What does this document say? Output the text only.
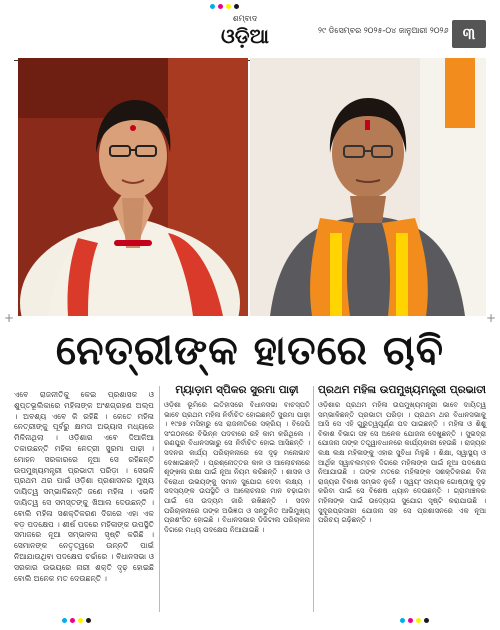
ଶମ୍ବାଦ
ଓଡ଼ିଆ	୨୯ ଡିସେମ୍ବର ୨୦୨୫-୦୪ ଜାନୁଆରୀ ୨୦୨୬ ୩
+	+
ନେତ୍ରୀଙ୍କ ହାତରେ ଚାବି

ଏବେ ରାଜନୀତିକୁ କେଇ ପ୍ରଶାସକ ଓ ଶୁପ୍ତଭୂଲିକାରେ ମହିଳାଙ୍କ ଅଂଶଗ୍ରହଣ ଅଲ୍ପ । ଅବଶ୍ୟ ଏବେ କି ରହିଛି । କେତେ ମହିଳା ନେତ୍ରୀଙ୍କୁ ପୂର୍ବରୁ କ୍ଷମତା ଅଭ୍ୟାସ ମଧ୍ୟରେ ମିଳିନାଥିଲା । ଓଡ଼ିଶାର ଏବେ ଦିଆଳିଆ ତକାଉଛନ୍ତି ମହିଳା ନେତ୍ରୀ ସୁରମା ପାଢ଼ୀ । ମୋହନ ସରକାରରେ ନୂଆ ସେ ରହିଛନ୍ତି ଉପମୁଖ୍ୟମନ୍ତ୍ରୀ ପ୍ରଭାତୀ ପରିଡ଼ା । ସେଭଳି ପ୍ରଥମ ଥର ପାଇଁ ଓଡ଼ିଶା ପ୍ରଶାସନର ମୁଖ୍ୟ ଦାୟିତ୍ୱ ସମ୍ଭାଳିଛନ୍ତି ଜଣେ ମହିଳା । ଏଭଳି ଦାୟିତ୍ୱ ସେ ସମସ୍ତଙ୍କୁ ଖିଆଲ ଦେଉଛନ୍ତି । ବୋଲି ମହିଳା ସଶକ୍ତିକରଣ ଦିଗରେ ଏହା ଏକ ବଡ଼ ପଦକ୍ଷେପ । ଶୀର୍ଷ ପଦରେ ମହିଳାଙ୍କ ଉପସ୍ଥିତି ସମାଜରେ ନୂଆ ସମ୍ଭାବନା ସୃଷ୍ଟି କରିଛି । ସେମାନଙ୍କ ନେତୃତ୍ୱରେ ଉନ୍ନତି ପାଇଁ ନିଆଯାଉଥିବା ପଦକ୍ଷେପ ଚର୍ଚ୍ଚାରେ । ବିଧାନସଭା ଓ ସରକାର ଉଭୟରେ ନାରୀ ଶକ୍ତି ଦୃଢ଼ ହୋଇଛି ବୋଲି ଅନେକ ମତ ଦେଉଛନ୍ତି ।

ମ୍ୟାଡ଼ାମ ସ୍ପିକର ସୁରମା ପାଢ଼ୀ

ଓଡ଼ିଶା ଭୂମିରେ ଇତିହାସରେ ବିଧାନସଭା ବାଚସ୍ପତି ଭାବେ ପ୍ରଥମ ମହିଳା ନିର୍ବାଚିତ ହୋଇଛନ୍ତି ସୁରମା ପାଢ଼ୀ । ୧୯୭୭ ମସିହାରୁ ସେ ରାଜନୀତିରେ ସକ୍ରିୟ । ବିଜେପି ସଂଗଠନରେ ବିଭିନ୍ନ ପଦବୀରେ ରହି କାମ କରିଥିଲେ । ରଣପୁର ବିଧାନସଭାରୁ ସେ ନିର୍ବାଚିତ ହୋଇ ଆସିଛନ୍ତି । ସଦନର କାର୍ଯ୍ୟ ପରିଚାଳନାରେ ସେ ଦୃଢ଼ ମନୋଭାବ ଦେଖାଇଛନ୍ତି । ପ୍ରଶ୍ନୋତ୍ତର କାଳ ଓ ଆଲୋଚନାରେ ଶୃଙ୍ଖଳା ରକ୍ଷା ପାଇଁ ନୂଆ ନିୟମ କରିଛନ୍ତି । ଶାସକ ଓ ବିରୋଧୀ ଉଭୟଙ୍କୁ ସମାନ ସୁଯୋଗ ଦେବା ଲକ୍ଷ୍ୟ । ସଦସ୍ୟଙ୍କ ଉପସ୍ଥିତି ଓ ଆଲୋଚନାର ମାନ ବଢ଼ାଇବା ପାଇଁ ସେ ଉଦ୍ୟମ ଜାରି ରଖିଛନ୍ତି । ସଦନ ପରିଚାଳନାରେ ତାଙ୍କ ଅଭିଜ୍ଞତା ଓ ସନ୍ତୁଳିତ ଆଭିମୁଖ୍ୟ ପ୍ରଶଂସିତ ହୋଇଛି । ବିଧାନସଭାର ଡିଜିଟାଲ ପରିଚାଳନା ଦିଗରେ ମଧ୍ୟ ପଦକ୍ଷେପ ନିଆଯାଇଛି ।

ପ୍ରଥମ ମହିଳା ଉପମୁଖ୍ୟମନ୍ତ୍ରୀ ପ୍ରଭାତୀ

ଓଡ଼ିଶାର ପ୍ରଥମ ମହିଳା ଉପମୁଖ୍ୟମନ୍ତ୍ରୀ ଭାବେ ଦାୟିତ୍ୱ ସମ୍ଭାଳିଛନ୍ତି ପ୍ରଭାତୀ ପରିଡ଼ା । ପ୍ରଥମ ଥର ବିଧାନସଭାକୁ ଆସି ସେ ଏହି ଗୁରୁତ୍ୱପୂର୍ଣ୍ଣ ପଦ ପାଇଛନ୍ତି । ମହିଳା ଓ ଶିଶୁ ବିକାଶ ବିଭାଗ ସହ ସେ ଅନେକ ଯୋଜନା ଦେଖୁଛନ୍ତି । ସୁଭଦ୍ରା ଯୋଜନା ତାଙ୍କ ତତ୍ତ୍ୱାବଧାନରେ କାର୍ଯ୍ୟକାରୀ ହେଉଛି । ରାଜ୍ୟର ଲକ୍ଷ ଲକ୍ଷ ମହିଳାଙ୍କୁ ଏହାର ସୁବିଧା ମିଳୁଛି । ଶିକ୍ଷା, ସ୍ୱାସ୍ଥ୍ୟ ଓ ଆର୍ଥିକ ସ୍ୱାବଲମ୍ବନ ଦିଗରେ ମହିଳାଙ୍କ ପାଇଁ ନୂଆ ପଦକ୍ଷେପ ନିଆଯାଉଛି । ତାଙ୍କ ମତରେ ମହିଳାଙ୍କ ସଶକ୍ତିକରଣ ବିନା ରାଜ୍ୟର ବିକାଶ ସମ୍ଭବ ନୁହେଁ । ସ୍ୱୟଂ ସହାୟକ ଗୋଷ୍ଠୀକୁ ଦୃଢ଼ କରିବା ପାଇଁ ସେ ବିଶେଷ ଧ୍ୟାନ ଦେଉଛନ୍ତି । ଗ୍ରାମାଞ୍ଚଳର ମହିଳାଙ୍କ ପାଇଁ ଉଦ୍ୟୋଗ ସୁଯୋଗ ସୃଷ୍ଟି କରାଯାଉଛି । ସୁଦୂରପ୍ରସାରୀ ଯୋଜନା ସହ ସେ ପ୍ରଶାସନରେ ଏକ ନୂଆ ପରିଚୟ ଗଢ଼ିଛନ୍ତି ।
